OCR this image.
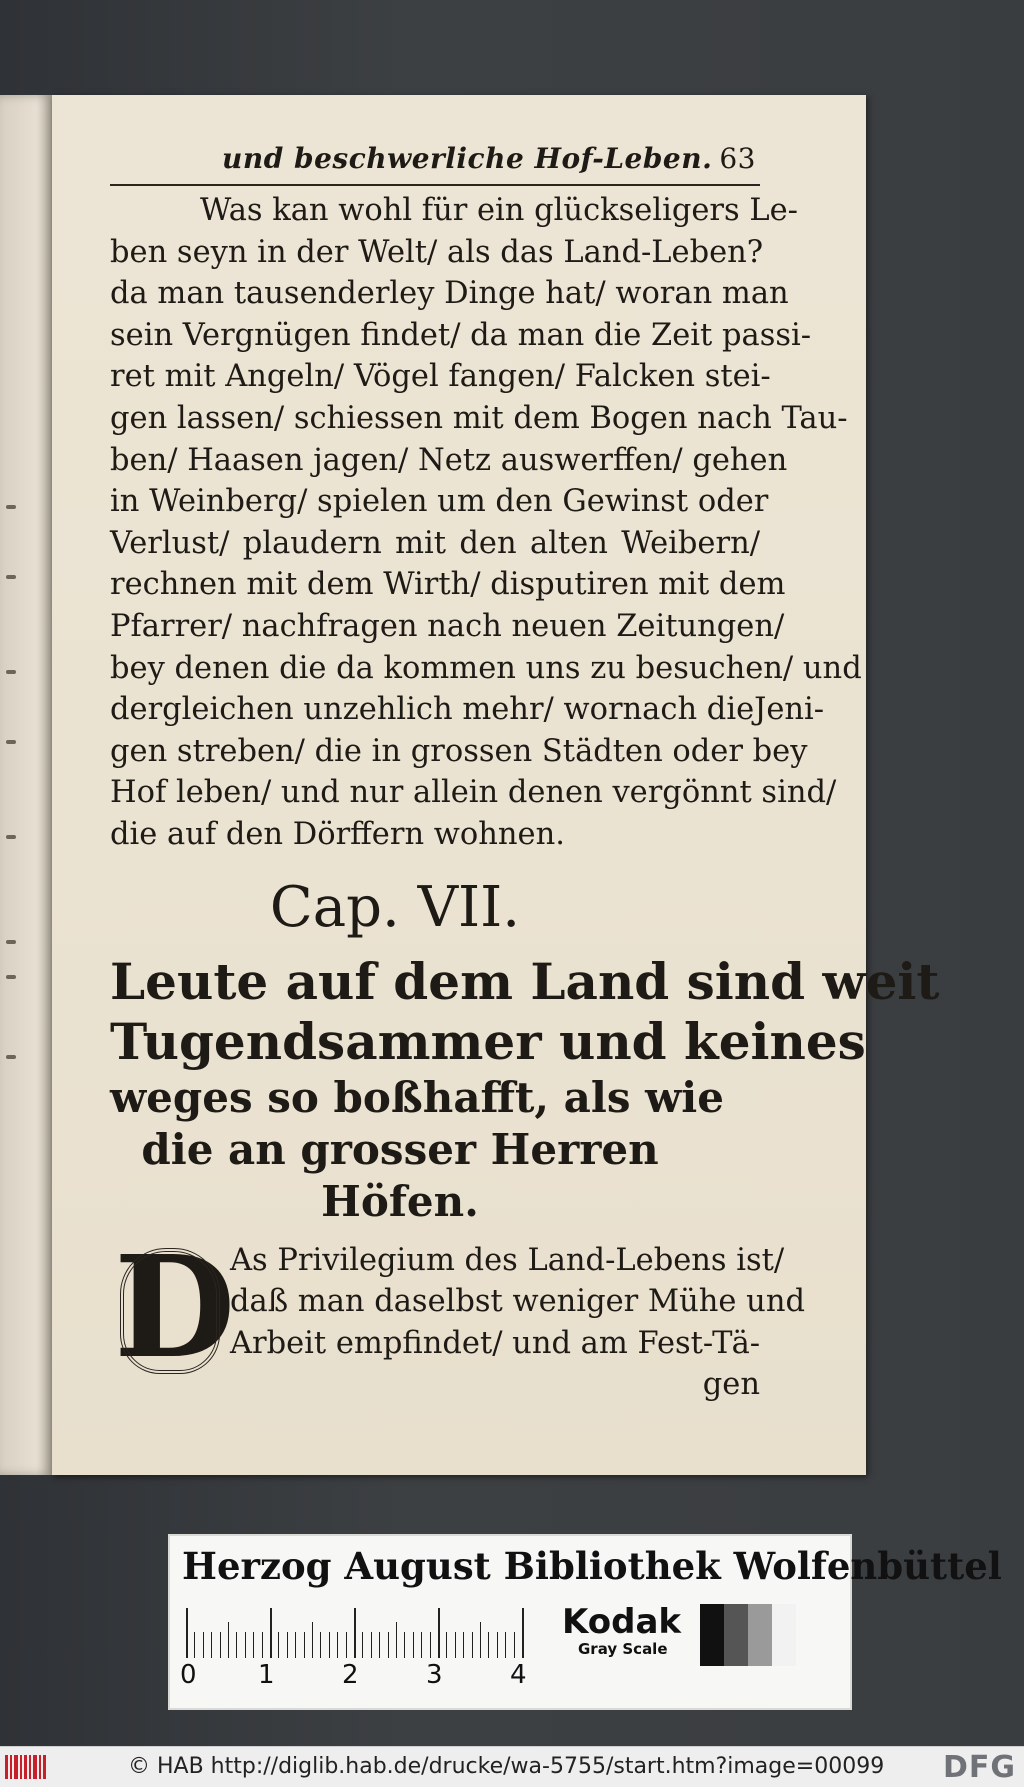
und beschwerliche Hof-Leben. 63
Was kan wohl für ein glückseligers Le-
ben seyn in der Welt/ als das Land-Leben?
da man tausenderley Dinge hat/ woran man
sein Vergnügen findet/ da man die Zeit passi-
ret mit Angeln/ Vögel fangen/ Falcken stei-
gen lassen/ schiessen mit dem Bogen nach Tau-
ben/ Haasen jagen/ Netz auswerffen/ gehen
in Weinberg/ spielen um den Gewinst oder
Verlust/ plaudern mit den alten Weibern/
rechnen mit dem Wirth/ disputiren mit dem
Pfarrer/ nachfragen nach neuen Zeitungen/
bey denen die da kommen uns zu besuchen/ und
dergleichen unzehlich mehr/ wornach dieJeni-
gen streben/ die in grossen Städten oder bey
Hof leben/ und nur allein denen vergönnt sind/
die auf den Dörffern wohnen.
Cap. VII.
Leute auf dem Land sind weit
Tugendsammer und keines
weges so boßhafft, als wie
die an grosser Herren
Höfen.
D
As Privilegium des Land-Lebens ist/
daß man daselbst weniger Mühe und
Arbeit empfindet/ und am Fest-Tä-
gen
Herzog August Bibliothek Wolfenbüttel
0 1	2	3	4
Kodak
Gray Scale
© HAB http://diglib.hab.de/drucke/wa-5755/start.htm?image=00099 DFG
